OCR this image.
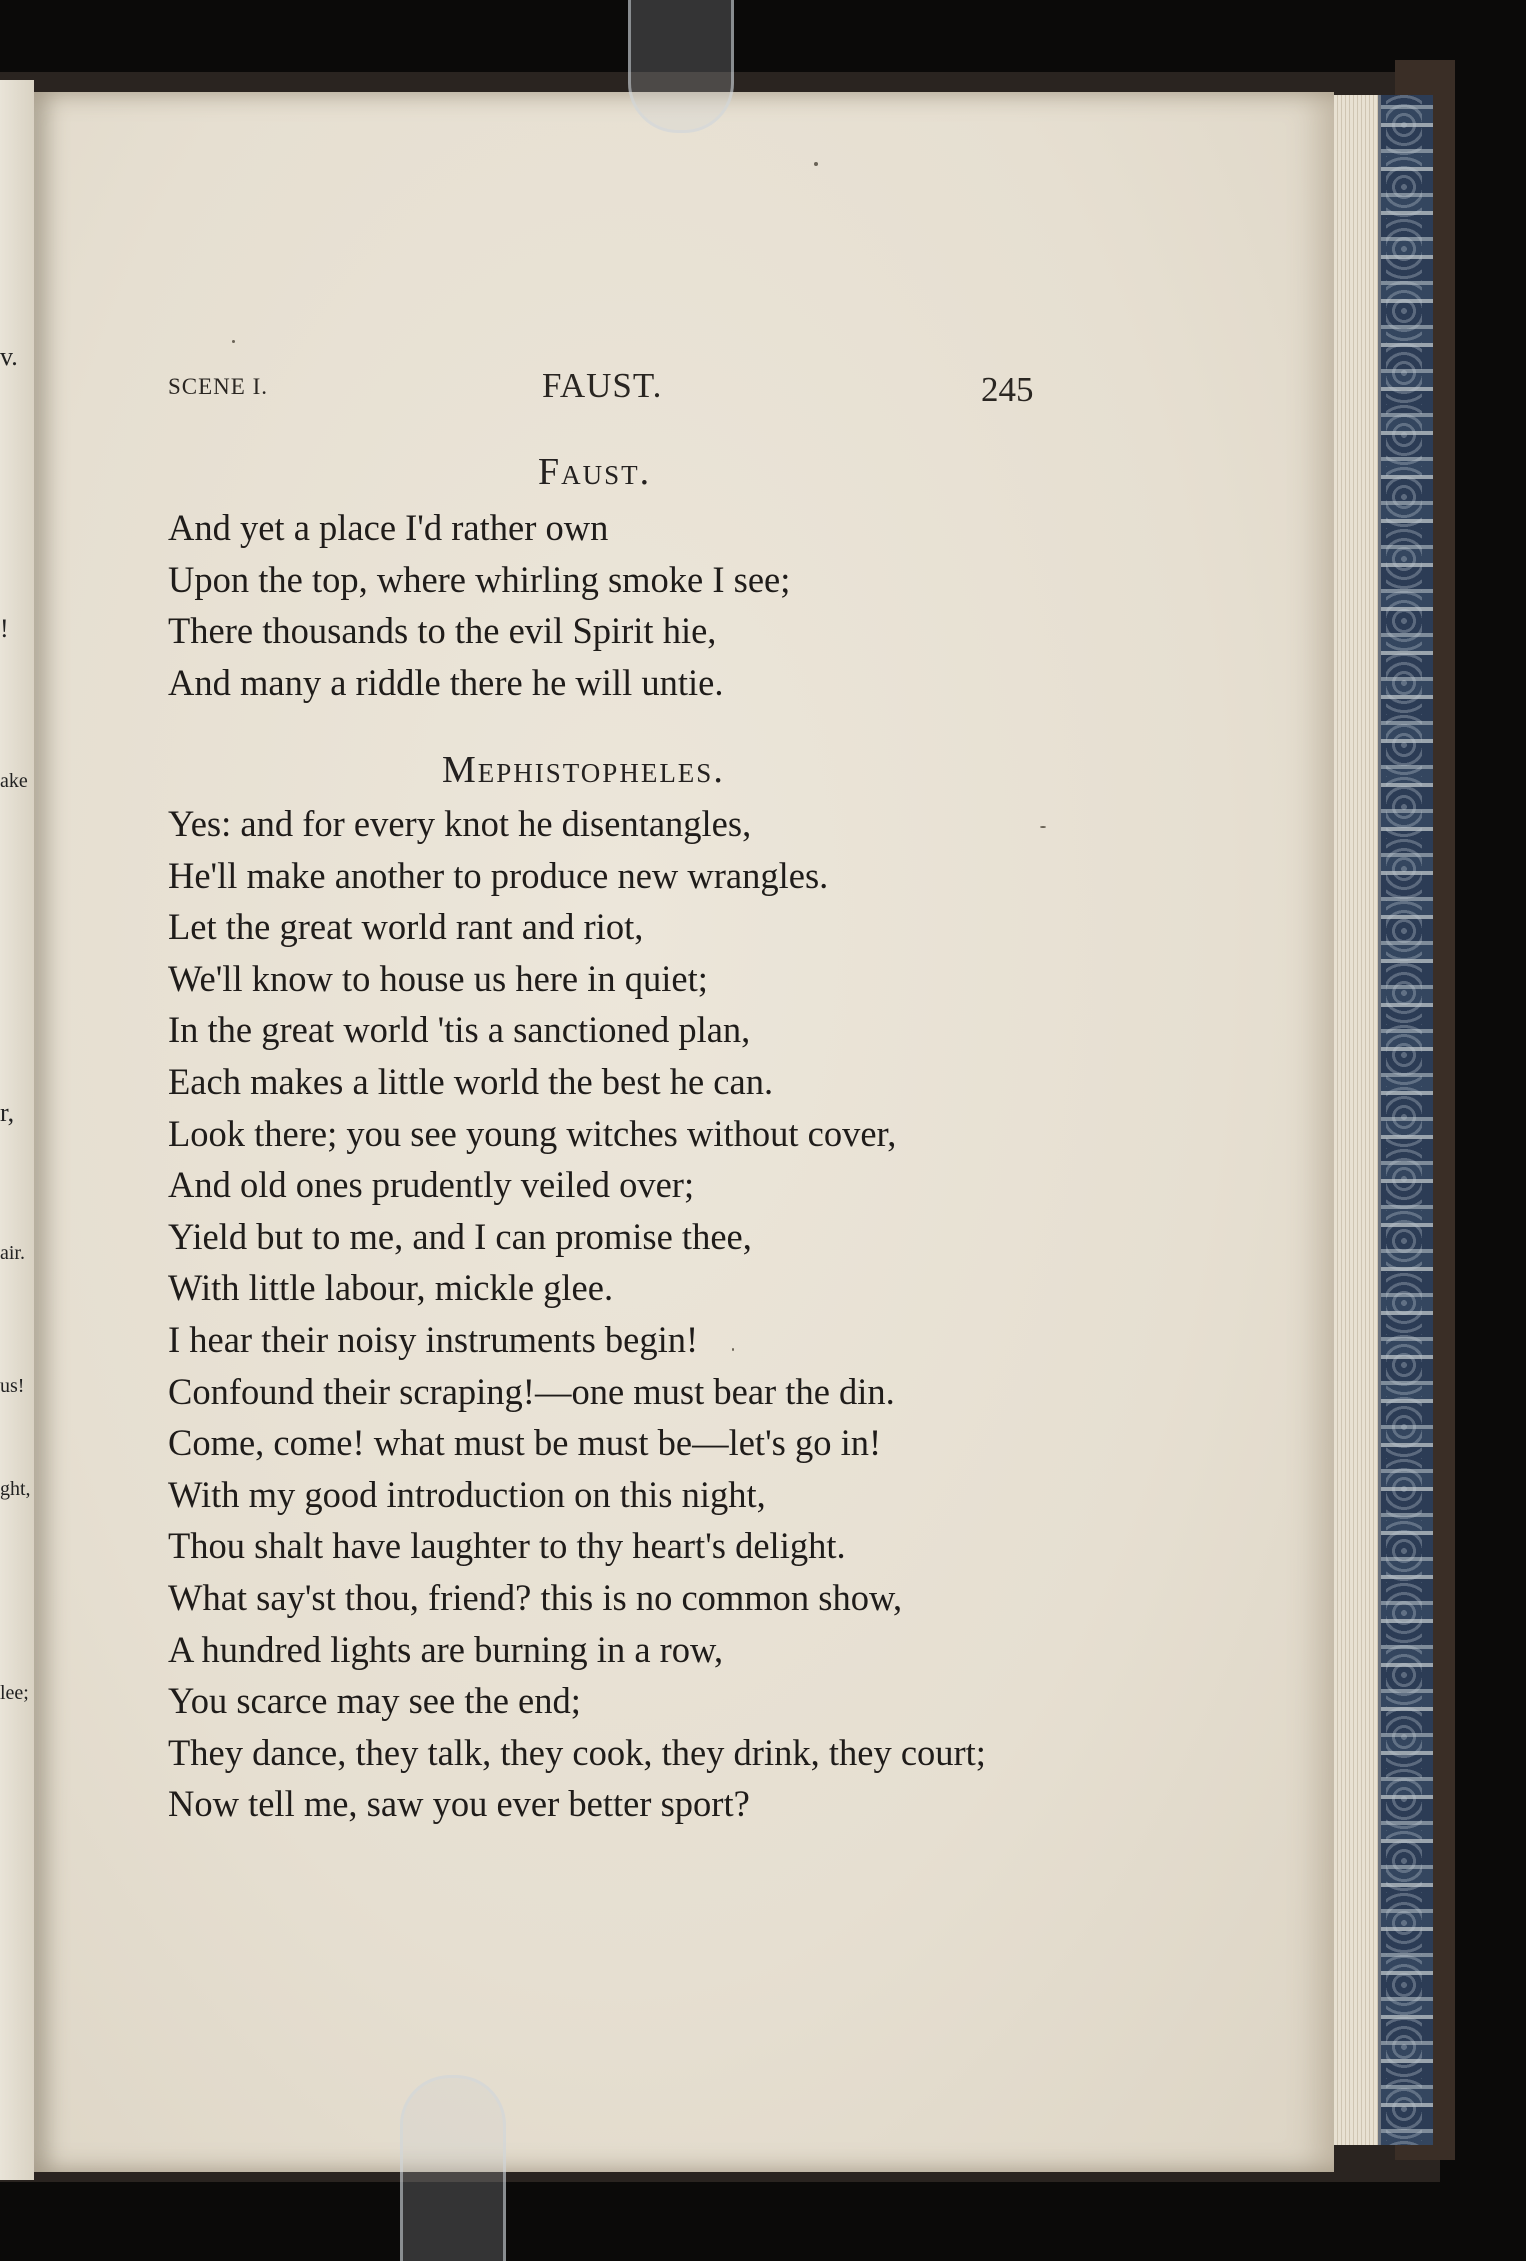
v.
!
ake
r,
air.
us!
ght,
lee;
SCENE I.	FAUST.	245
Faust.
And yet a place I'd rather own
Upon the top, where whirling smoke I see;
There thousands to the evil Spirit hie,
And many a riddle there he will untie.
Mephistopheles.
Yes: and for every knot he disentangles,
He'll make another to produce new wrangles.
Let the great world rant and riot,
We'll know to house us here in quiet;
In the great world 'tis a sanctioned plan,
Each makes a little world the best he can.
Look there; you see young witches without cover,
And old ones prudently veiled over;
Yield but to me, and I can promise thee,
With little labour, mickle glee.
I hear their noisy instruments begin!
Confound their scraping!—one must bear the din.
Come, come! what must be must be—let's go in!
With my good introduction on this night,
Thou shalt have laughter to thy heart's delight.
What say'st thou, friend? this is no common show,
A hundred lights are burning in a row,
You scarce may see the end;
They dance, they talk, they cook, they drink, they court;
Now tell me, saw you ever better sport?
